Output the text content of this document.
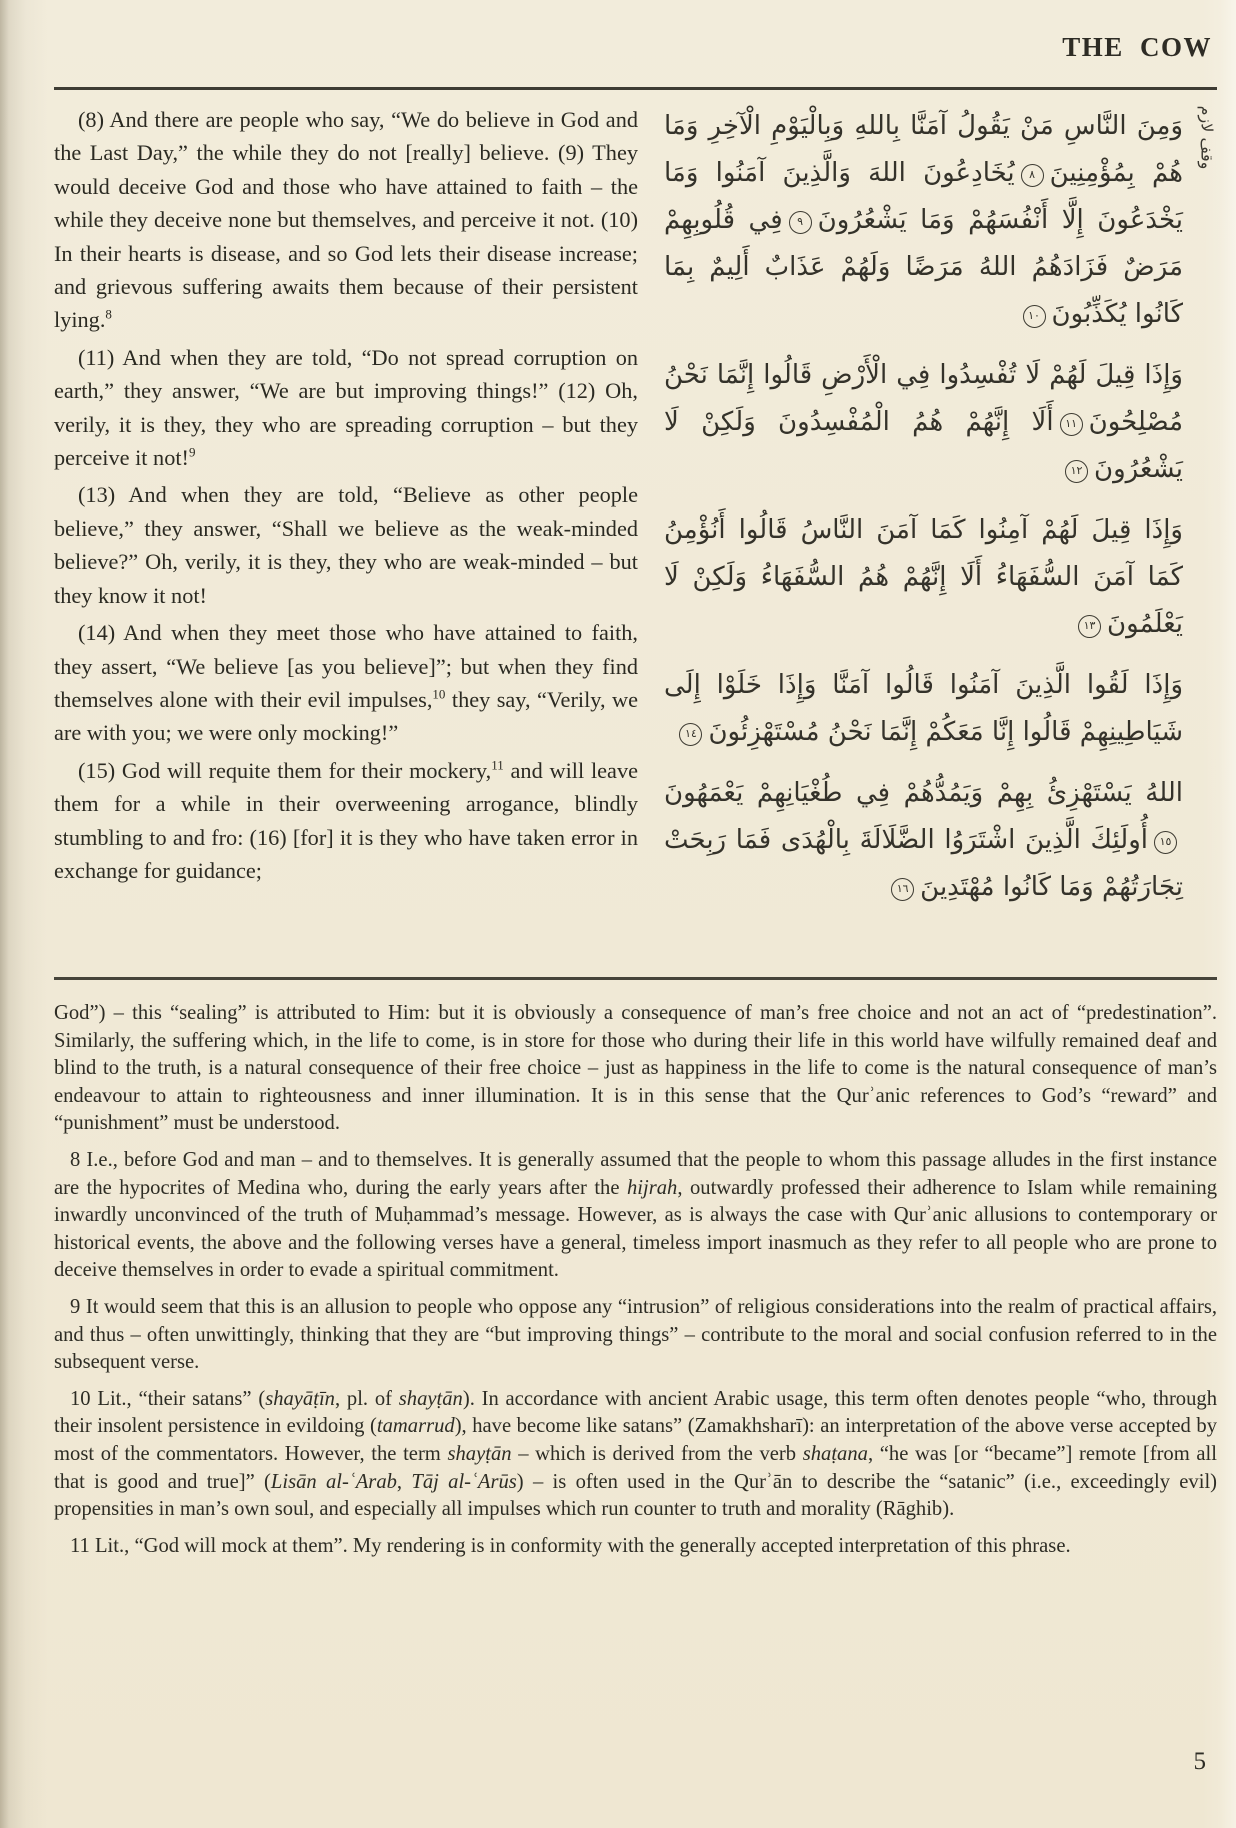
THE COW

(8) And there are people who say, “We do believe in God and the Last Day,” the while they do not [really] believe. (9) They would deceive God and those who have attained to faith – the while they deceive none but themselves, and perceive it not. (10) In their hearts is disease, and so God lets their disease increase; and grievous suffering awaits them because of their persistent lying.$^8$

(11) And when they are told, “Do not spread corruption on earth,” they answer, “We are but improving things!” (12) Oh, verily, it is they, they who are spreading corruption – but they perceive it not!$^9$

(13) And when they are told, “Believe as other people believe,” they answer, “Shall we believe as the weak-minded believe?” Oh, verily, it is they, they who are weak-minded – but they know it not!

(14) And when they meet those who have attained to faith, they assert, “We believe [as you believe]”; but when they find themselves alone with their evil impulses,$^{10}$ they say, “Verily, we are with you; we were only mocking!”

(15) God will requite them for their mockery,$^{11}$ and will leave them for a while in their overweening arrogance, blindly stumbling to and fro: (16) [for] it is they who have taken error in exchange for guidance;

وَمِنَ النَّاسِ مَنْ يَقُولُ آمَنَّا بِاللهِ وَبِالْيَوْمِ الْآخِرِ وَمَا هُمْ بِمُؤْمِنِينَ٨يُخَادِعُونَ اللهَ وَالَّذِينَ آمَنُوا وَمَا يَخْدَعُونَ إِلَّا أَنْفُسَهُمْ وَمَا يَشْعُرُونَ٩فِي قُلُوبِهِمْ مَرَضٌ فَزَادَهُمُ اللهُ مَرَضًا وَلَهُمْ عَذَابٌ أَلِيمٌ بِمَا كَانُوا يُكَذِّبُونَ١٠
وَإِذَا قِيلَ لَهُمْ لَا تُفْسِدُوا فِي الْأَرْضِ قَالُوا إِنَّمَا نَحْنُ مُصْلِحُونَ١١أَلَا إِنَّهُمْ هُمُ الْمُفْسِدُونَ وَلَكِنْ لَا يَشْعُرُونَ١٢
وَإِذَا قِيلَ لَهُمْ آمِنُوا كَمَا آمَنَ النَّاسُ قَالُوا أَنُؤْمِنُ كَمَا آمَنَ السُّفَهَاءُ أَلَا إِنَّهُمْ هُمُ السُّفَهَاءُ وَلَكِنْ لَا يَعْلَمُونَ١٣
وَإِذَا لَقُوا الَّذِينَ آمَنُوا قَالُوا آمَنَّا وَإِذَا خَلَوْا إِلَى شَيَاطِينِهِمْ قَالُوا إِنَّا مَعَكُمْ إِنَّمَا نَحْنُ مُسْتَهْزِئُونَ١٤
اللهُ يَسْتَهْزِئُ بِهِمْ وَيَمُدُّهُمْ فِي طُغْيَانِهِمْ يَعْمَهُونَ١٥أُولَئِكَ الَّذِينَ اشْتَرَوُا الضَّلَالَةَ بِالْهُدَى فَمَا رَبِحَتْ تِجَارَتُهُمْ وَمَا كَانُوا مُهْتَدِينَ١٦
وقف لازم

God”) – this “sealing” is attributed to Him: but it is obviously a consequence of man’s free choice and not an act of “predestination”. Similarly, the suffering which, in the life to come, is in store for those who during their life in this world have wilfully remained deaf and blind to the truth, is a natural consequence of their free choice – just as happiness in the life to come is the natural consequence of man’s endeavour to attain to righteousness and inner illumination. It is in this sense that the Qurʾanic references to God’s “reward” and “punishment” must be understood.

8 I.e., before God and man – and to themselves. It is generally assumed that the people to whom this passage alludes in the first instance are the hypocrites of Medina who, during the early years after the hijrah, outwardly professed their adherence to Islam while remaining inwardly unconvinced of the truth of Muḥammad’s message. However, as is always the case with Qurʾanic allusions to contemporary or historical events, the above and the following verses have a general, timeless import inasmuch as they refer to all people who are prone to deceive themselves in order to evade a spiritual commitment.

9 It would seem that this is an allusion to people who oppose any “intrusion” of religious considerations into the realm of practical affairs, and thus – often unwittingly, thinking that they are “but improving things” – contribute to the moral and social confusion referred to in the subsequent verse.

10 Lit., “their satans” (shayāṭīn, pl. of shayṭān). In accordance with ancient Arabic usage, this term often denotes people “who, through their insolent persistence in evildoing (tamarrud), have become like satans” (Zamakhsharī): an interpretation of the above verse accepted by most of the commentators. However, the term shayṭān – which is derived from the verb shaṭana, “he was [or “became”] remote [from all that is good and true]” (Lisān al-ʿArab, Tāj al-ʿArūs) – is often used in the Qurʾān to describe the “satanic” (i.e., exceedingly evil) propensities in man’s own soul, and especially all impulses which run counter to truth and morality (Rāghib).

11 Lit., “God will mock at them”. My rendering is in conformity with the generally accepted interpretation of this phrase.

5
